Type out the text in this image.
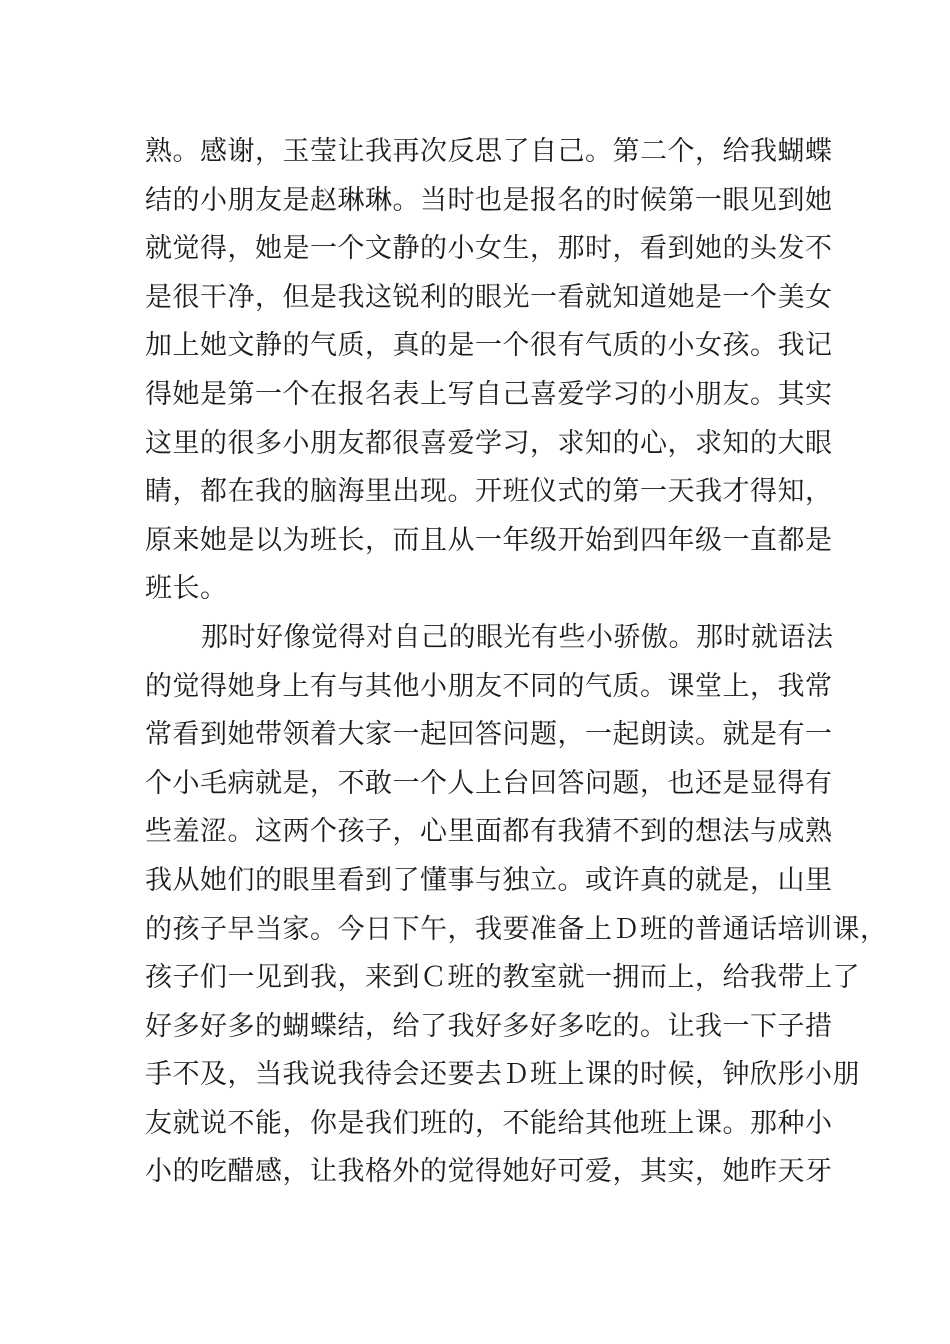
熟。感谢，玉莹让我再次反思了自己。第二个，给我蝴蝶
结的小朋友是赵琳琳。当时也是报名的时候第一眼见到她
就觉得，她是一个文静的小女生，那时，看到她的头发不
是很干净，但是我这锐利的眼光一看就知道她是一个美女
加上她文静的气质，真的是一个很有气质的小女孩。我记
得她是第一个在报名表上写自己喜爱学习的小朋友。其实
这里的很多小朋友都很喜爱学习，求知的心，求知的大眼
睛，都在我的脑海里出现。开班仪式的第一天我才得知，
原来她是以为班长，而且从一年级开始到四年级一直都是
班长。
那时好像觉得对自己的眼光有些小骄傲。那时就语法
的觉得她身上有与其他小朋友不同的气质。课堂上，我常
常看到她带领着大家一起回答问题，一起朗读。就是有一
个小毛病就是，不敢一个人上台回答问题，也还是显得有
些羞涩。这两个孩子，心里面都有我猜不到的想法与成熟
我从她们的眼里看到了懂事与独立。或许真的就是，山里
的孩子早当家。今日下午，我要准备上Ｄ班的普通话培训课，
孩子们一见到我，来到Ｃ班的教室就一拥而上，给我带上了
好多好多的蝴蝶结，给了我好多好多吃的。让我一下子措
手不及，当我说我待会还要去Ｄ班上课的时候，钟欣彤小朋
友就说不能，你是我们班的，不能给其他班上课。那种小
小的吃醋感，让我格外的觉得她好可爱，其实，她昨天牙
